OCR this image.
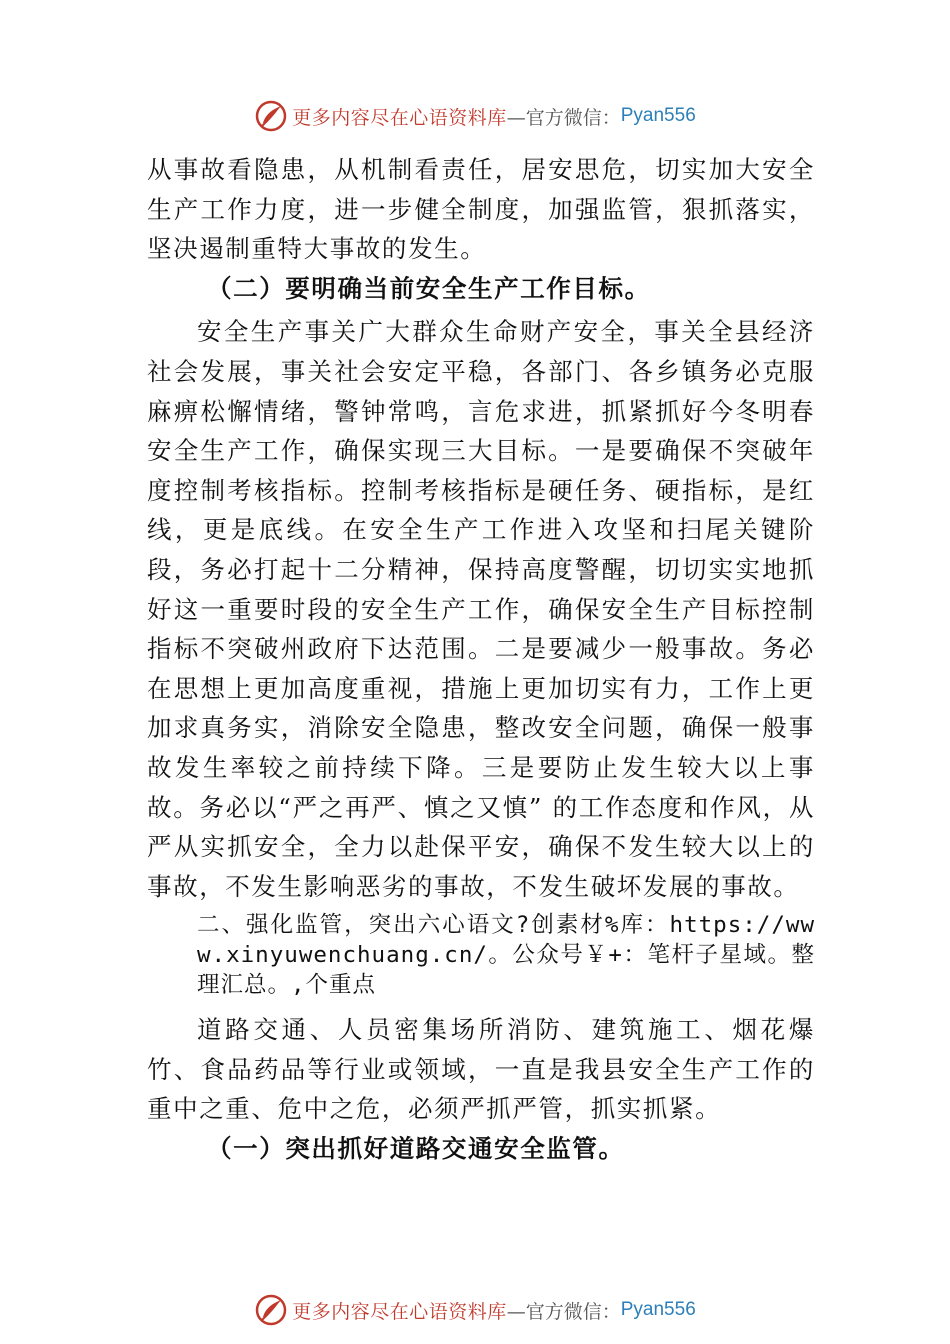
更多内容尽在心语资料库 —官方微信： Pyan556

从事故看隐患，从机制看责任，居安思危，切实加大安全生产工作力度，进一步健全制度，加强监管，狠抓落实，坚决遏制重特大事故的发生。

（二）要明确当前安全生产工作目标。

安全生产事关广大群众生命财产安全，事关全县经济社会发展，事关社会安定平稳，各部门、各乡镇务必克服麻痹松懈情绪，警钟常鸣，言危求进，抓紧抓好今冬明春安全生产工作，确保实现三大目标。一是要确保不突破年度控制考核指标。控制考核指标是硬任务、硬指标，是红线，更是底线。在安全生产工作进入攻坚和扫尾关键阶段，务必打起十二分精神，保持高度警醒，切切实实地抓好这一重要时段的安全生产工作，确保安全生产目标控制指标不突破州政府下达范围。二是要减少一般事故。务必在思想上更加高度重视，措施上更加切实有力，工作上更加求真务实，消除安全隐患，整改安全问题，确保一般事故发生率较之前持续下降。三是要防止发生较大以上事故。务必以“严之再严、慎之又慎” 的工作态度和作风，从严从实抓安全，全力以赴保平安，确保不发生较大以上的事故，不发生影响恶劣的事故，不发生破坏发展的事故。

二、强化监管，突出六心语文?创素材%库：https://www.xinyuwenchuang.cn/。公众号￥+：笔杆子星域。整理汇总。,个重点

道路交通、人员密集场所消防、建筑施工、烟花爆竹、食品药品等行业或领域，一直是我县安全生产工作的重中之重、危中之危，必须严抓严管，抓实抓紧。

（一）突出抓好道路交通安全监管。

更多内容尽在心语资料库 —官方微信： Pyan556
